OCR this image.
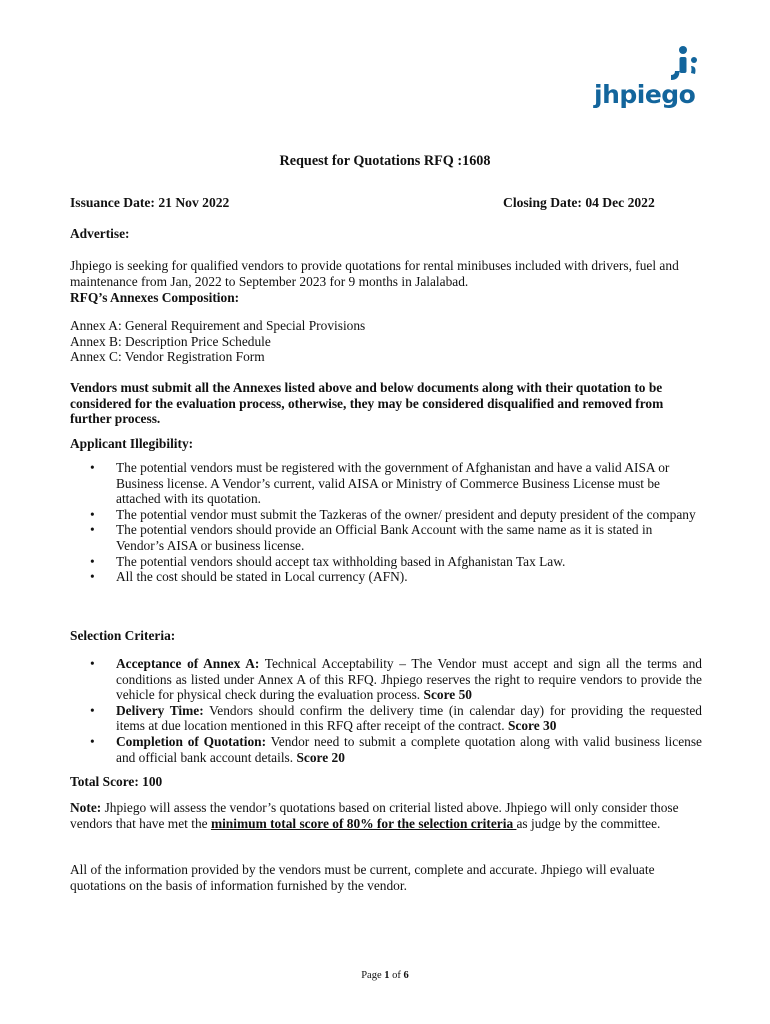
jhpiego
Request for Quotations RFQ :1608
Issuance Date: 21 Nov 2022	Closing Date: 04 Dec 2022
Advertise:
Jhpiego is seeking for qualified vendors to provide quotations for rental minibuses included with drivers, fuel and maintenance from Jan, 2022 to September 2023 for 9 months in Jalalabad.
RFQ’s Annexes Composition:
Annex A: General Requirement and Special Provisions
Annex B: Description Price Schedule
Annex C: Vendor Registration Form
Vendors must submit all the Annexes listed above and below documents along with their quotation to be considered for the evaluation process, otherwise, they may be considered disqualified and removed from further process.
Applicant Illegibility:
• The potential vendors must be registered with the government of Afghanistan and have a valid AISA or Business license. A Vendor’s current, valid AISA or Ministry of Commerce Business License must be attached with its quotation.
• The potential vendor must submit the Tazkeras of the owner/ president and deputy president of the company
• The potential vendors should provide an Official Bank Account with the same name as it is stated in Vendor’s AISA or business license.
• The potential vendors should accept tax withholding based in Afghanistan Tax Law.
• All the cost should be stated in Local currency (AFN).
Selection Criteria:
• Acceptance of Annex A: Technical Acceptability – The Vendor must accept and sign all the terms and conditions as listed under Annex A of this RFQ. Jhpiego reserves the right to require vendors to provide the vehicle for physical check during the evaluation process. Score 50
• Delivery Time: Vendors should confirm the delivery time (in calendar day) for providing the requested items at due location mentioned in this RFQ after receipt of the contract. Score 30
• Completion of Quotation: Vendor need to submit a complete quotation along with valid business license and official bank account details. Score 20
Total Score: 100
Note: Jhpiego will assess the vendor’s quotations based on criterial listed above. Jhpiego will only consider those vendors that have met the minimum total score of 80% for the selection criteria as judge by the committee.
All of the information provided by the vendors must be current, complete and accurate. Jhpiego will evaluate quotations on the basis of information furnished by the vendor.
Page 1 of 6
